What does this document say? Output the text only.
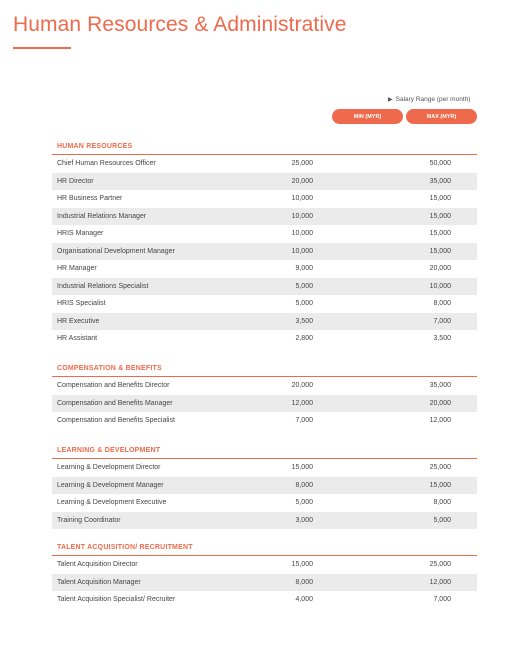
Human Resources & Administrative
▶ Salary Range (per month)
MIN (MYR)	MAX (MYR)
HUMAN RESOURCES
Chief Human Resources Officer	25,000	50,000
HR Director	20,000	35,000
HR Business Partner	10,000	15,000
Industrial Relations Manager	10,000	15,000
HRIS Manager	10,000	15,000
Organisational Development Manager	10,000	15,000
HR Manager	9,000	20,000
Industrial Relations Specialist	5,000	10,000
HRIS Specialist	5,000	8,000
HR Executive	3,500	7,000
HR Assistant	2,800	3,500
COMPENSATION & BENEFITS
Compensation and Benefits Director	20,000	35,000
Compensation and Benefits Manager	12,000	20,000
Compensation and Benefits Specialist	7,000	12,000
LEARNING & DEVELOPMENT
Learning & Development Director	15,000	25,000
Learning & Development Manager	8,000	15,000
Learning & Development Executive	5,000	8,000
Training Coordinator	3,000	5,000
TALENT ACQUISITION/ RECRUITMENT
Talent Acquisition Director	15,000	25,000
Talent Acquisition Manager	8,000	12,000
Talent Acquisition Specialist/ Recruiter	4,000	7,000
